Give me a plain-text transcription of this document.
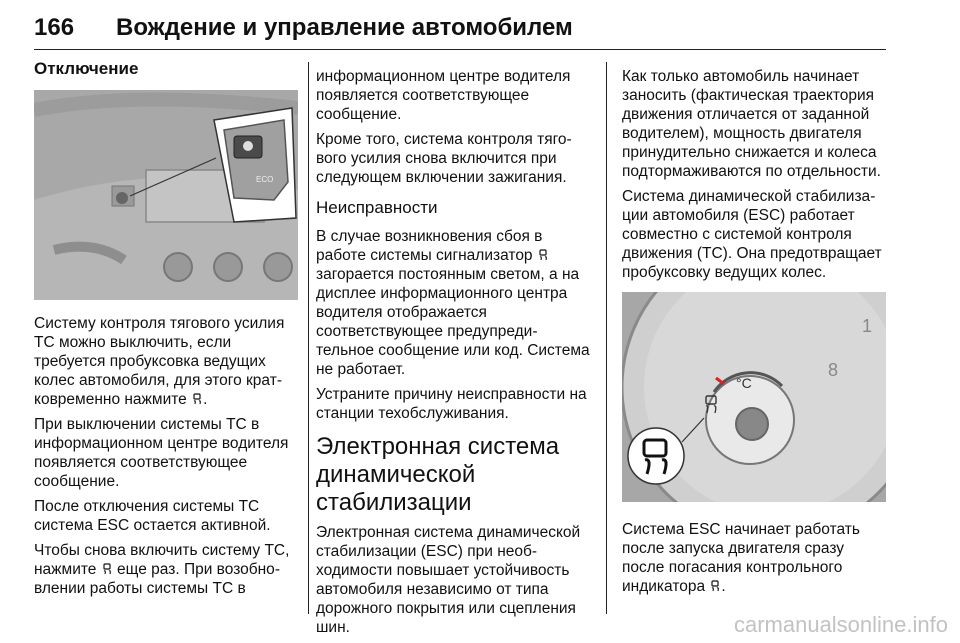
166 Вождение и управление автомобилем
Отключение
ECO

Систему контроля тягового усилия ТС можно выключить, если требуется пробуксовка ведущих колес автомобиля, для этого кратковременно нажмите .

При выключении системы ТС в информационном центре водителя появляется соответствующее сообщение.

После отключения системы ТС система ESC остается активной.

Чтобы снова включить систему ТС, нажмите еще раз. При возобновлении работы системы ТС в

информационном центре водителя появляется соответствующее сообщение.

Кроме того, система контроля тягового усилия снова включится при следующем включении зажигания.

Неисправности

В случае возникновения сбоя в работе системы сигнализатор  загорается постоянным светом, а на дисплее информационного центра водителя отображается соответствующее предупредительное сообщение или код. Система не работает.

Устраните причину неисправности на станции техобслуживания.

Электронная система динамической стабилизации

Электронная система динамической стабилизации (ESC) при необходимости повышает устойчивость автомобиля независимо от типа дорожного покрытия или сцепления шин.

Как только автомобиль начинает заносить (фактическая траектория движения отличается от заданной водителем), мощность двигателя принудительно снижается и колеса подтормаживаются по отдельности.

Система динамической стабилизации автомобиля (ESC) работает совместно с системой контроля движения (ТС). Она предотвращает пробуксовку ведущих колес.

1
8
°C

Система ESC начинает работать после запуска двигателя сразу после погасания контрольного индикатора .

carmanualsonline.info
